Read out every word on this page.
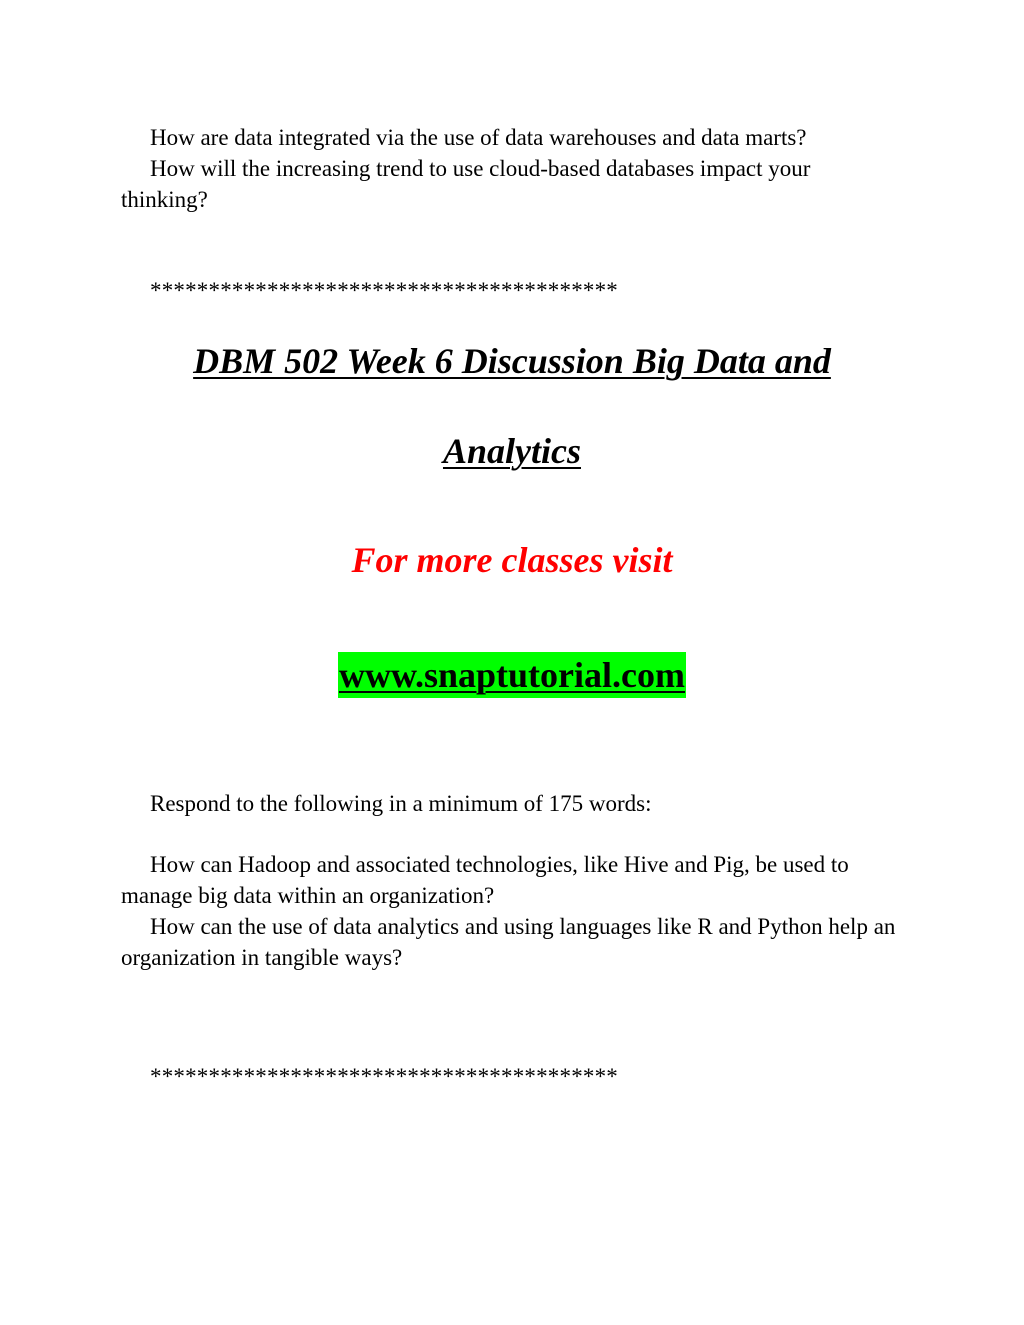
How are data integrated via the use of data warehouses and data marts?

How will the increasing trend to use cloud-based databases impact your thinking?

****************************************
DBM 502 Week 6 Discussion Big Data and
Analytics
For more classes visit
www.snaptutorial.com

Respond to the following in a minimum of 175 words:

How can Hadoop and associated technologies, like Hive and Pig, be used to manage big data within an organization?

How can the use of data analytics and using languages like R and Python help an organization in tangible ways?

****************************************
